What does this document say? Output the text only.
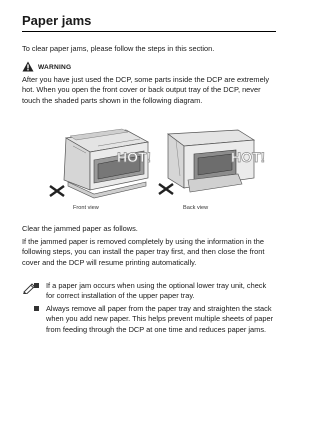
Paper jams
To clear paper jams, please follow the steps in this section.
WARNING
After you have just used the DCP, some parts inside the DCP are extremely hot. When you open the front cover or back output tray of the DCP, never touch the shaded parts shown in the following diagram.
HOT!	HOT!
Front view	Back view
Clear the jammed paper as follows.
If the jammed paper is removed completely by using the information in the following steps, you can install the paper tray first, and then close the front cover and the DCP will resume printing automatically.
If a paper jam occurs when using the optional lower tray unit, check for correct installation of the upper paper tray.
Always remove all paper from the paper tray and straighten the stack when you add new paper. This helps prevent multiple sheets of paper from feeding through the DCP at one time and reduces paper jams.
